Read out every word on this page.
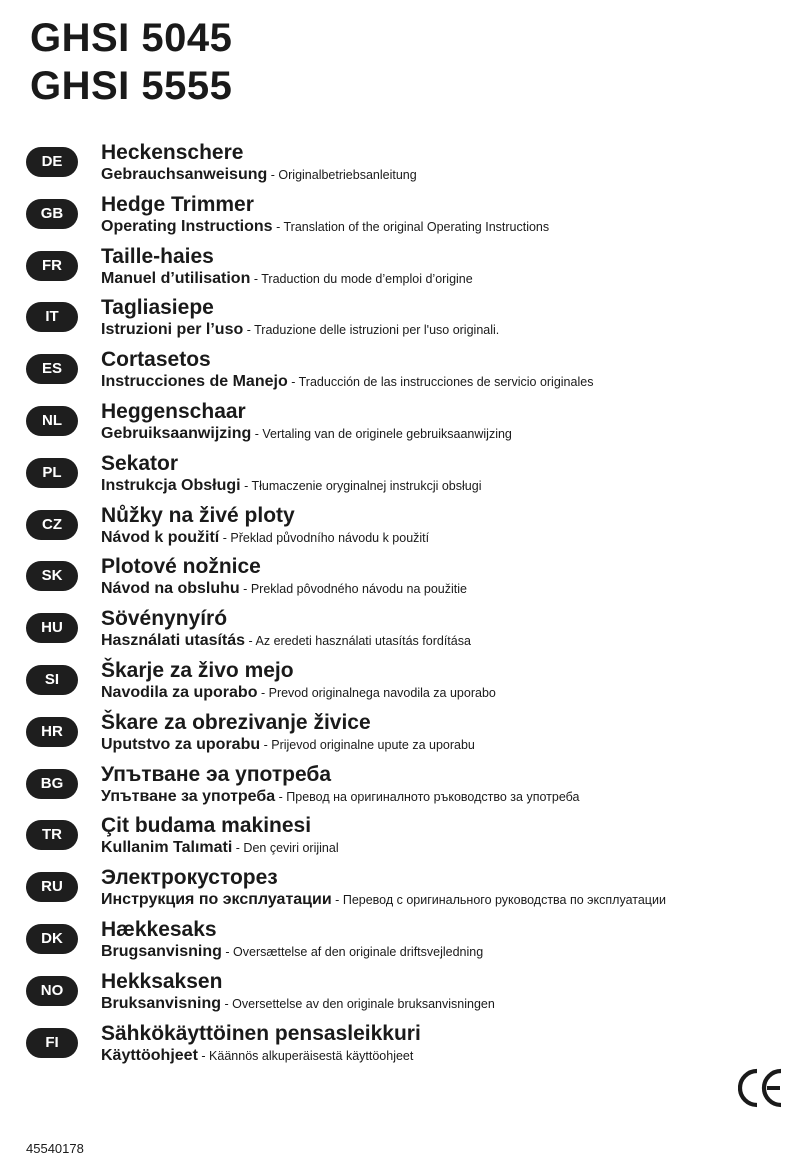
GHSI 5045
GHSI 5555
DE	Heckenschere
Gebrauchsanweisung - Originalbetriebsanleitung
GB	Hedge Trimmer
Operating Instructions - Translation of the original Operating Instructions
FR	Taille-haies
Manuel d’utilisation - Traduction du mode d’emploi d’origine
IT	Tagliasiepe
Istruzioni per l’uso - Traduzione delle istruzioni per l'uso originali.
ES	Cortasetos
Instrucciones de Manejo - Traducción de las instrucciones de servicio originales
NL	Heggenschaar
Gebruiksaanwijzing - Vertaling van de originele gebruiksaanwijzing
PL	Sekator
Instrukcja Obsługi - Tłumaczenie oryginalnej instrukcji obsługi
CZ	Nůžky na živé ploty
Návod k použití - Překlad původního návodu k použití
SK	Plotové nožnice
Návod na obsluhu - Preklad pôvodného návodu na použitie
HU	Sövénynyíró
Használati utasítás - Az eredeti használati utasítás fordítása
SI	Škarje za živo mejo
Navodila za uporabo - Prevod originalnega navodila za uporabo
HR	Škare za obrezivanje živice
Uputstvo za uporabu - Prijevod originalne upute za uporabu
BG	Упътване эа употреба
Упътване за употреба - Превод на оригиналното ръководство за употреба
TR	Çit budama makinesi
Kullanim Talımati - Den çeviri orijinal
RU	Электрокусторез
Инструкция по эксплуатации - Перевод с оригинального руководства по эксплуатации
DK	Hækkesaks
Brugsanvisning - Oversættelse af den originale driftsvejledning
NO	Hekksaksen
Bruksanvisning - Oversettelse av den originale bruksanvisningen
FI	Sähkökäyttöinen pensasleikkuri
Käyttöohjeet - Käännös alkuperäisestä käyttöohjeet
45540178
